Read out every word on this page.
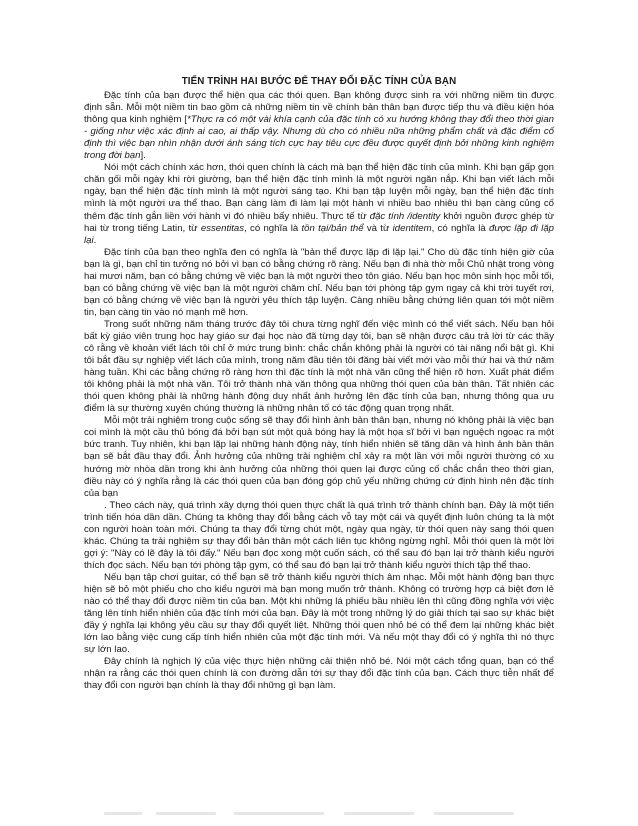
TIẾN TRÌNH HAI BƯỚC ĐỂ THAY ĐỔI ĐẶC TÍNH CỦA BẠN

Đặc tính của bạn được thể hiện qua các thói quen. Bạn không được sinh ra với những niềm tin được định sẵn. Mỗi một niềm tin bao gồm cả những niềm tin về chính bản thân bạn được tiếp thu và điều kiện hóa thông qua kinh nghiệm [*Thực ra có một vài khía cạnh của đặc tính có xu hướng không thay đổi theo thời gian - giống như việc xác định ai cao, ai thấp vậy. Nhưng dù cho có nhiều nữa những phẩm chất và đặc điểm cố định thì việc bạn nhìn nhận dưới ánh sáng tích cực hay tiêu cực đều được quyết định bởi những kinh nghiệm trong đời bạn].

Nói một cách chính xác hơn, thói quen chính là cách mà bạn thể hiện đặc tính của mình. Khi bạn gấp gọn chăn gối mỗi ngày khi rời giường, bạn thể hiện đặc tính mình là một người ngăn nắp. Khi bạn viết lách mỗi ngày, bạn thể hiện đặc tính mình là một người sáng tạo. Khi bạn tập luyện mỗi ngày, bạn thể hiện đặc tính mình là một người ưa thể thao. Bạn càng làm đi làm lại một hành vi nhiều bao nhiêu thì bạn càng củng cố thêm đặc tính gắn liền với hành vi đó nhiều bấy nhiêu. Thực tế từ đặc tính /identity khởi nguồn được ghép từ hai từ trong tiếng Latin, từ essentitas, có nghĩa là tồn tại/bản thể và từ identitem, có nghĩa là được lặp đi lặp lại.

Đặc tính của bạn theo nghĩa đen có nghĩa là "bản thể được lặp đi lặp lại." Cho dù đặc tính hiện giờ của bạn là gì, bạn chỉ tin tưởng nó bởi vì bạn có bằng chứng rõ ràng. Nếu bạn đi nhà thờ mỗi Chủ nhật trong vòng hai mươi năm, bạn có bằng chứng về việc bạn là một người theo tôn giáo. Nếu bạn học môn sinh học mỗi tối, bạn có bằng chứng về việc bạn là một người chăm chỉ. Nếu bạn tới phòng tập gym ngay cả khi trời tuyết rơi, bạn có bằng chứng về việc bạn là người yêu thích tập luyện. Càng nhiều bằng chứng liên quan tới một niềm tin, bạn càng tin vào nó mạnh mẽ hơn.

Trong suốt những năm tháng trước đây tôi chưa từng nghĩ đến việc mình có thể viết sách. Nếu bạn hỏi bất kỳ giáo viên trung học hay giáo sư đại học nào đã từng dạy tôi, bạn sẽ nhận được câu trả lời từ các thầy cô rằng về khoản viết lách tôi chỉ ở mức trung bình: chắc chắn không phải là người có tài năng nổi bật gì. Khi tôi bắt đầu sự nghiệp viết lách của mình, trong năm đầu tiên tôi đăng bài viết mới vào mỗi thứ hai và thứ năm hàng tuần. Khi các bằng chứng rõ ràng hơn thì đặc tính là một nhà văn cũng thể hiện rõ hơn. Xuất phát điểm tôi không phải là một nhà văn. Tôi trở thành nhà văn thông qua những thói quen của bản thân. Tất nhiên các thói quen không phải là những hành động duy nhất ảnh hưởng lên đặc tính của bạn, nhưng thông qua ưu điểm là sự thường xuyên chúng thường là những nhân tố có tác động quan trọng nhất.

Mỗi một trải nghiệm trong cuộc sống sẽ thay đổi hình ảnh bản thân bạn, nhưng nó không phải là việc bạn coi mình là một cầu thủ bóng đá bởi bạn sút một quả bóng hay là một họa sĩ bởi vì bạn nguệch ngoạc ra một bức tranh. Tuy nhiên, khi bạn lặp lại những hành động này, tính hiển nhiên sẽ tăng dần và hình ảnh bản thân bạn sẽ bắt đầu thay đổi. Ảnh hưởng của những trải nghiệm chỉ xảy ra một lần với mỗi người thường có xu hướng mờ nhòa dần trong khi ảnh hưởng của những thói quen lại được củng cố chắc chắn theo thời gian, điều này có ý nghĩa rằng là các thói quen của bạn đóng góp chủ yếu những chứng cứ định hình nên đặc tính của bạn

. Theo cách này, quá trình xây dựng thói quen thực chất là quá trình trở thành chính bạn. Đây là một tiến trình tiến hóa dần dần. Chúng ta không thay đổi bằng cách vỗ tay một cái và quyết định luôn chúng ta là một con người hoàn toàn mới. Chúng ta thay đổi từng chút một, ngày qua ngày, từ thói quen này sang thói quen khác. Chúng ta trải nghiệm sự thay đổi bản thân một cách liên tục không ngừng nghỉ. Mỗi thói quen là một lời gợi ý: "Này có lẽ đây là tôi đấy." Nếu bạn đọc xong một cuốn sách, có thể sau đó bạn lại trở thành kiểu người thích đọc sách. Nếu bạn tới phòng tập gym, có thể sau đó bạn lại trở thành kiểu người thích tập thể thao.

Nếu bạn tập chơi guitar, có thể bạn sẽ trở thành kiểu người thích âm nhạc. Mỗi một hành động bạn thực hiện sẽ bỏ một phiếu cho cho kiểu người mà bạn mong muốn trở thành. Không có trường hợp cá biệt đơn lẻ nào có thể thay đổi được niềm tin của bạn. Một khi những lá phiếu bầu nhiều lên thì cũng đồng nghĩa với việc tăng lên tính hiển nhiên của đặc tính mới của bạn. Đây là một trong những lý do giải thích tại sao sự khác biệt đầy ý nghĩa lại không yêu cầu sự thay đổi quyết liệt. Những thói quen nhỏ bé có thể đem lại những khác biệt lớn lao bằng việc cung cấp tính hiển nhiên của một đặc tính mới. Và nếu một thay đổi có ý nghĩa thì nó thực sự lớn lao.

Đây chính là nghịch lý của việc thực hiện những cải thiện nhỏ bé. Nói một cách tổng quan, bạn có thể nhận ra rằng các thói quen chính là con đường dẫn tới sự thay đổi đặc tính của bạn. Cách thực tiễn nhất để thay đổi con người bạn chính là thay đổi những gì bạn làm.
